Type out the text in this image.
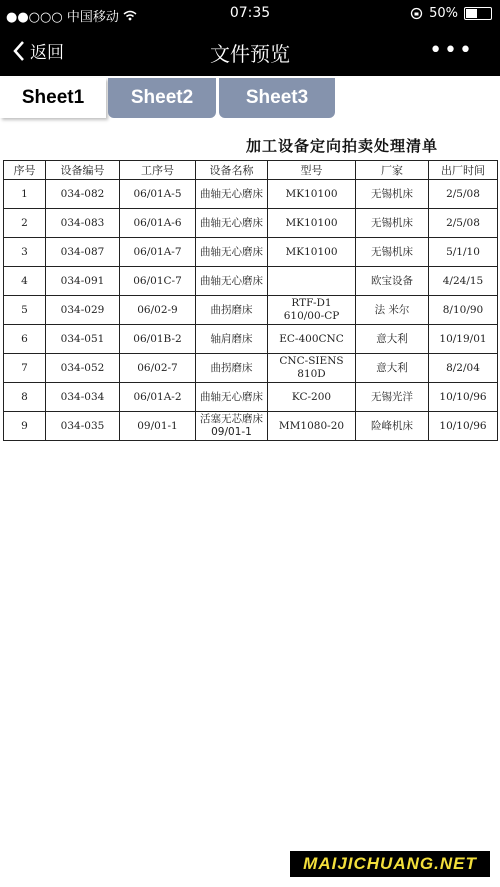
●●○○○ 中国移动	07:35	50%
返回	文件预览	•••
Sheet1	Sheet2	Sheet3
加工设备定向拍卖处理清单
序号	设备编号	工序号	设备名称	型号	厂家	出厂时间
1	034-082	06/01A-5	曲轴无心磨床	MK10100	无锡机床	2/5/08
2	034-083	06/01A-6	曲轴无心磨床	MK10100	无锡机床	2/5/08
3	034-087	06/01A-7	曲轴无心磨床	MK10100	无锡机床	5/1/10
4	034-091	06/01C-7	曲轴无心磨床		欧宝设备	4/24/15
5	034-029	06/02-9	曲拐磨床	RTF-D1 610/00-CP	法 米尔	8/10/90
6	034-051	06/01B-2	轴肩磨床	EC-400CNC	意大利	10/19/01
7	034-052	06/02-7	曲拐磨床	CNC-SIENS 810D	意大利	8/2/04
8	034-034	06/01A-2	曲轴无心磨床	KC-200	无锡光洋	10/10/96
9	034-035	09/01-1	活塞无芯磨床09/01-1	MM1080-20	险峰机床	10/10/96
MAIJICHUANG.NET
